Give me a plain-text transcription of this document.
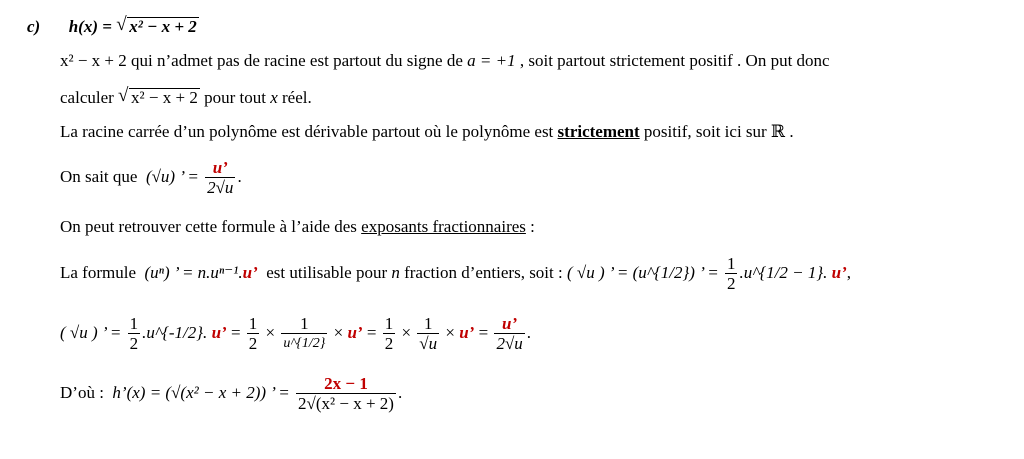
c) h(x) = √ x² − x + 2
x² − x + 2 qui n’admet pas de racine est partout du signe de a = +1 , soit partout strictement positif . On put donc
calculer √ x² − x + 2 pour tout x réel.
La racine carrée d’un polynôme est dérivable partout où le polynôme est strictement positif, soit ici sur ℝ .
On sait que (√u) ’ = $\frac{u’}{2√u}$ .
On peut retrouver cette formule à l’aide des exposants fractionnaires :
La formule (uⁿ) ’ = n.uⁿ⁻¹.u’ est utilisable pour n fraction d’entiers, soit : ( √u ) ’ = (u^{1/2}) ’ = $\frac{1}{2}$ .u^{1/2 − 1}. u’,
( √u ) ’ = $\frac{1}{2}$ .u^{-1/2}. u’ = $\frac{1}{2} \times \frac{1}{u\^{}\{1/2\}} \times u$’ = $\frac{1}{2} \times \frac{1}{√u} \times u$’ = $\frac{u’}{2√u}$ .
D’où : h’(x) = (√(x² − x + 2)) ’ = $\frac{2x - 1}{\text{2√(x² − x + 2)}}$ .
